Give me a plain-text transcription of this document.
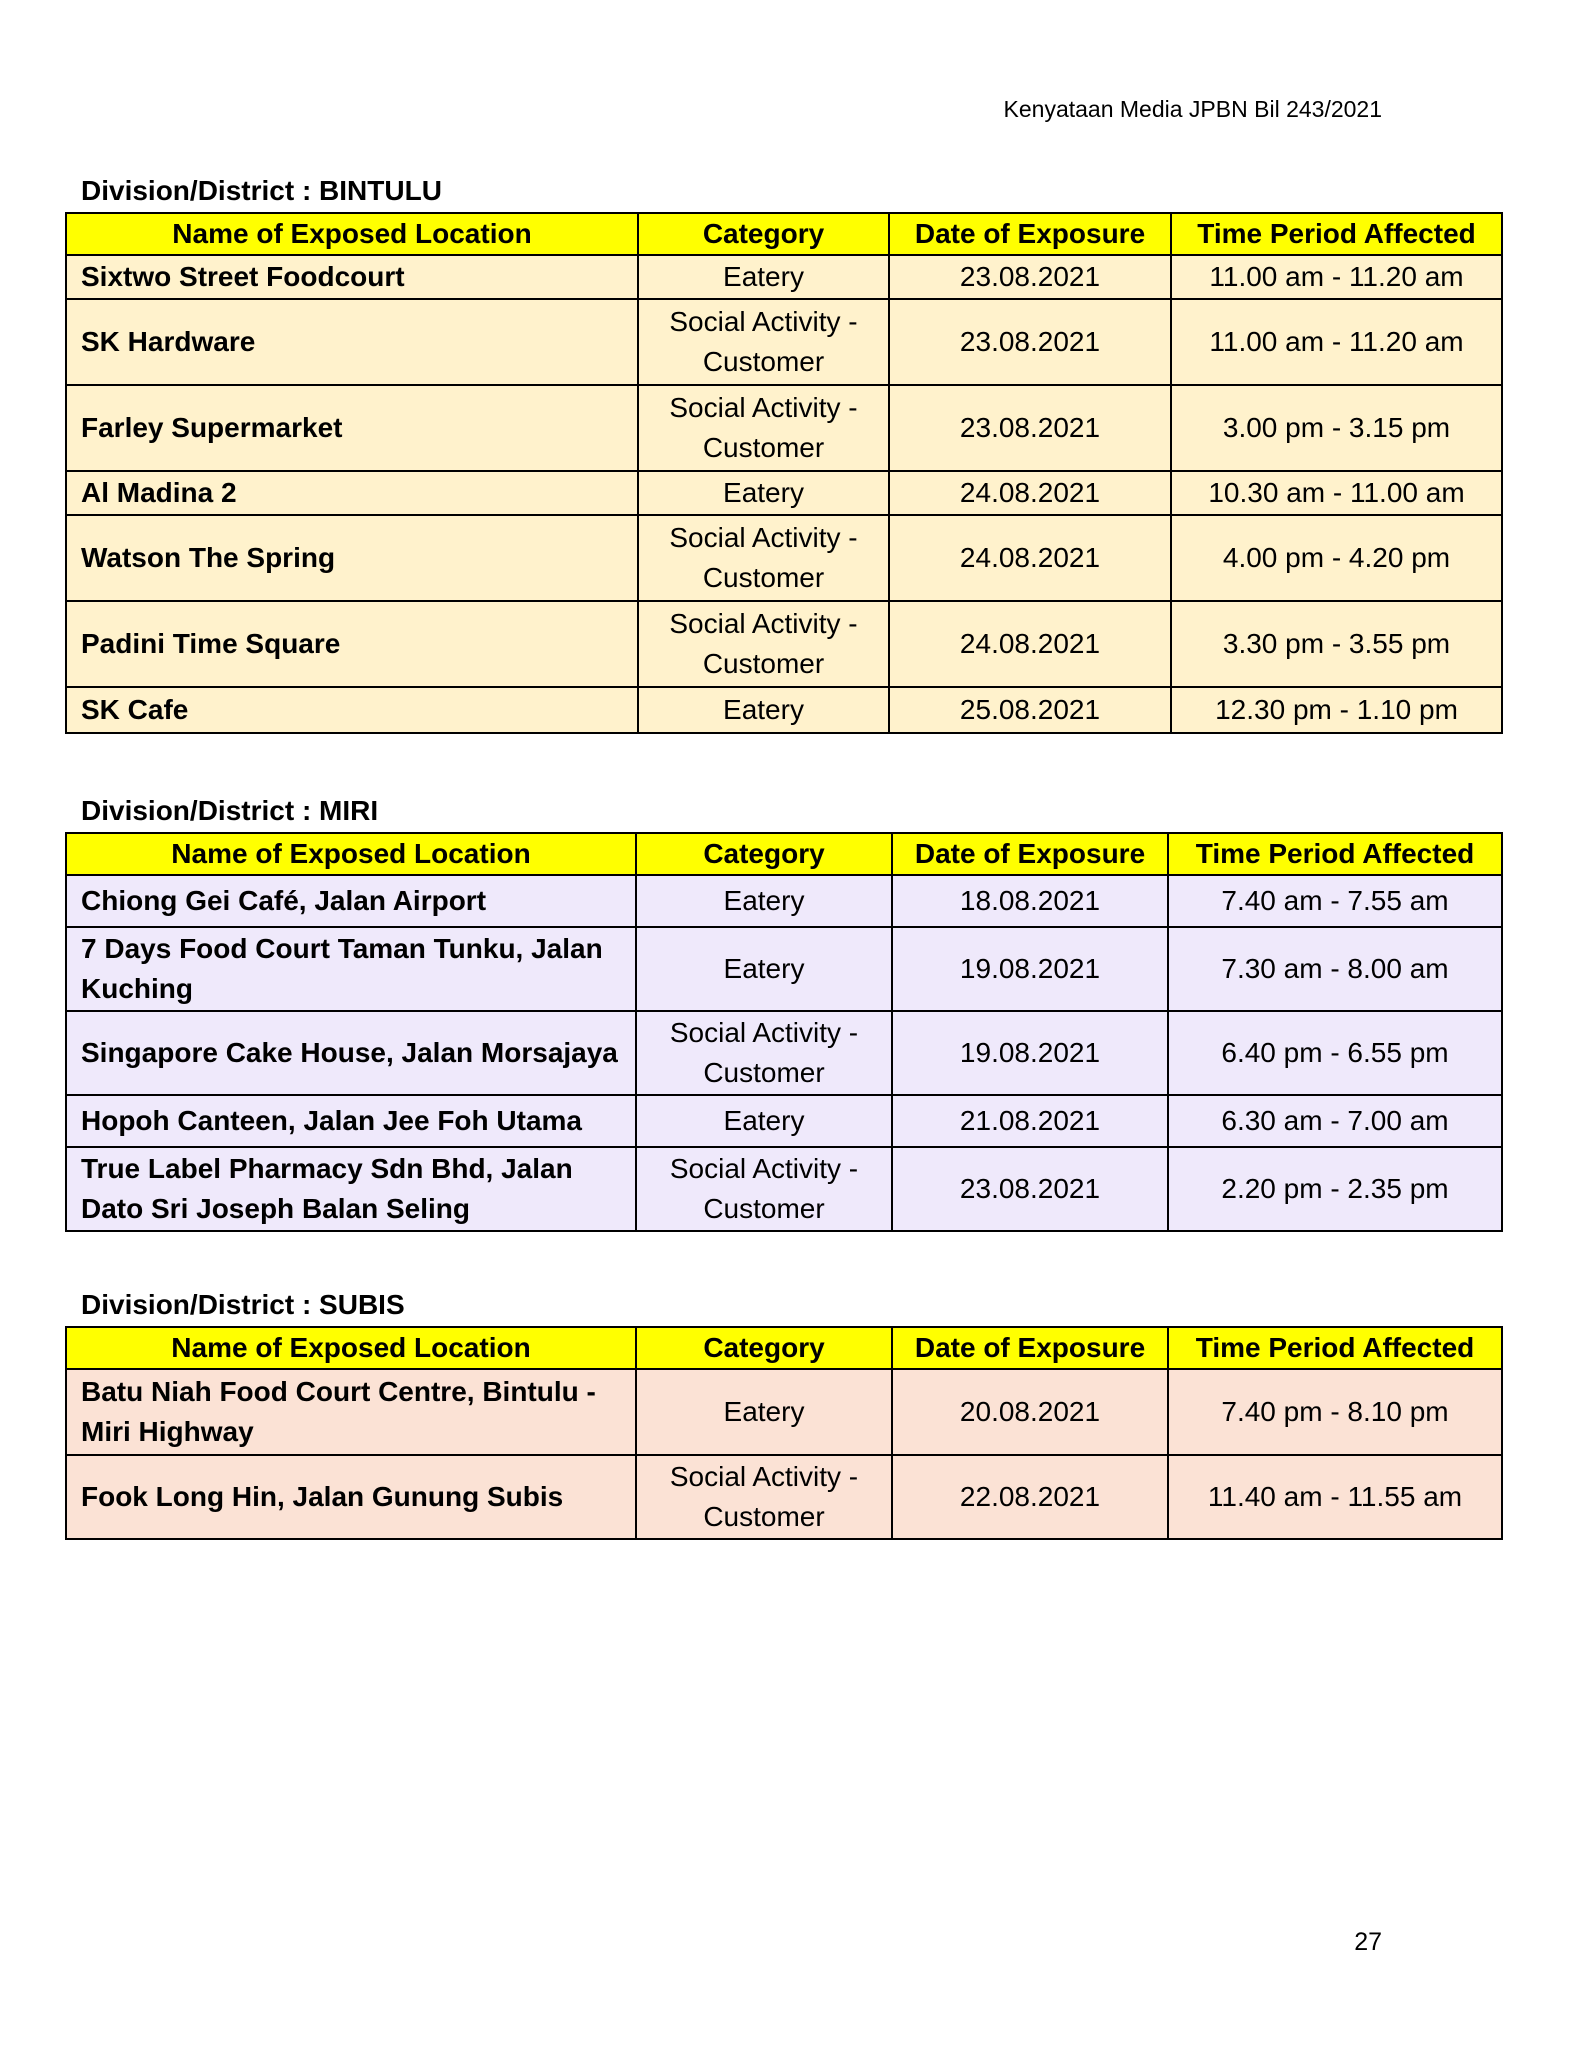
Kenyataan Media JPBN Bil 243/2021
Division/District : BINTULU
Name of Exposed Location	Category	Date of Exposure	Time Period Affected
Sixtwo Street Foodcourt	Eatery	23.08.2021	11.00 am - 11.20 am
SK Hardware	Social Activity - Customer	23.08.2021	11.00 am - 11.20 am
Farley Supermarket	Social Activity - Customer	23.08.2021	3.00 pm - 3.15 pm
Al Madina 2	Eatery	24.08.2021	10.30 am - 11.00 am
Watson The Spring	Social Activity - Customer	24.08.2021	4.00 pm - 4.20 pm
Padini Time Square	Social Activity - Customer	24.08.2021	3.30 pm - 3.55 pm
SK Cafe	Eatery	25.08.2021	12.30 pm - 1.10 pm
Division/District : MIRI
Name of Exposed Location	Category	Date of Exposure	Time Period Affected
Chiong Gei Café, Jalan Airport	Eatery	18.08.2021	7.40 am - 7.55 am
7 Days Food Court Taman Tunku, Jalan Kuching	Eatery	19.08.2021	7.30 am - 8.00 am
Singapore Cake House, Jalan Morsajaya	Social Activity - Customer	19.08.2021	6.40 pm - 6.55 pm
Hopoh Canteen, Jalan Jee Foh Utama	Eatery	21.08.2021	6.30 am - 7.00 am
True Label Pharmacy Sdn Bhd, Jalan Dato Sri Joseph Balan Seling	Social Activity - Customer	23.08.2021	2.20 pm - 2.35 pm
Division/District : SUBIS
Name of Exposed Location	Category	Date of Exposure	Time Period Affected
Batu Niah Food Court Centre, Bintulu - Miri Highway	Eatery	20.08.2021	7.40 pm - 8.10 pm
Fook Long Hin, Jalan Gunung Subis	Social Activity - Customer	22.08.2021	11.40 am - 11.55 am
27
